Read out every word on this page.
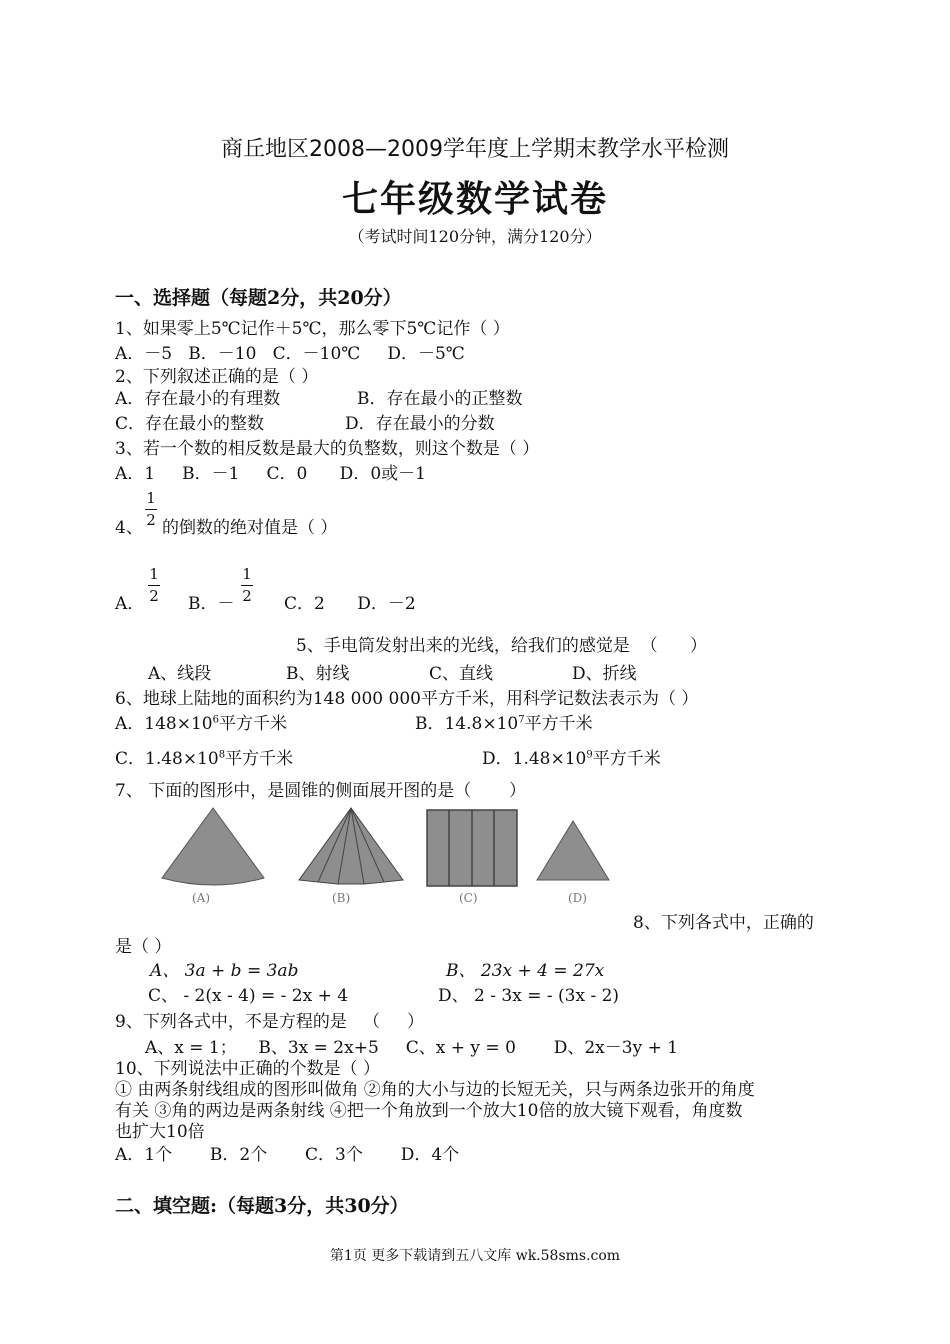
商丘地区2008—2009学年度上学期末教学水平检测
七年级数学试卷
（考试时间120分钟，满分120分）
一、选择题（每题2分，共20分）
1、如果零上5℃记作＋5℃，那么零下5℃记作（ ）
A．－5   B．－10   C．－10℃     D．－5℃
2、下列叙述正确的是（ ）
A．存在最小的有理数	B．存在最小的正整数
C．存在最小的整数	D．存在最小的分数
3、若一个数的相反数是最大的负整数，则这个数是（ ）
A．1     B．－1     C．0      D．0或－1
4、
1
2 的倒数的绝对值是（ ）
A．
1
2 B．－
1
2 C．2      D．－2
5、手电筒发射出来的光线，给我们的感觉是  （      ）
A、线段	B、射线	C、直线	D、折线
6、地球上陆地的面积约为148 000 000平方千米，用科学记数法表示为（ ）
A．$148\times 10^6$平方千米	B．$14.8\times 10^7$平方千米
C．$1.48\times 10^8$平方千米	D．$1.48\times 10^9$平方千米
7、 下面的图形中，是圆锥的侧面展开图的是（       ）
(A)	(B)	(C)	(D)
8、下列各式中，正确的
是（ ）
A、 3a + b = 3ab	B、 23x + 4 = 27x
C、 - 2(x - 4) = - 2x + 4	D、 2 - 3x = - (3x - 2)
9、下列各式中，不是方程的是   （     ）
A、x = 1；    B、3x = 2x+5     C、x + y = 0       D、2x－3y + 1
10、下列说法中正确的个数是（ ）
① 由两条射线组成的图形叫做角 ②角的大小与边的长短无关，只与两条边张开的角度
有关 ③角的两边是两条射线 ④把一个角放到一个放大10倍的放大镜下观看，角度数
也扩大10倍
A．1个       B．2个       C．3个       D．4个
二、填空题:（每题3分，共30分）
第1页 更多下载请到五八文库 wk.58sms.com
